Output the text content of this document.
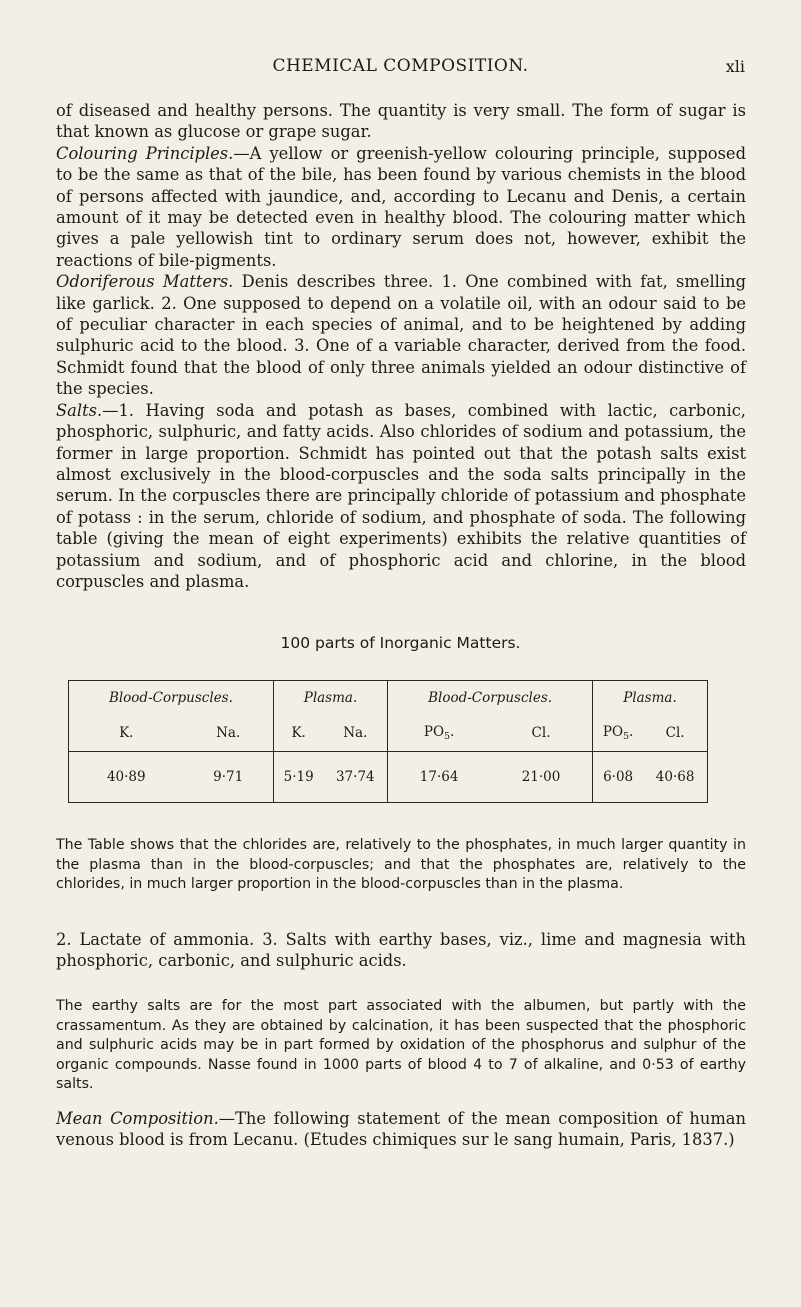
CHEMICAL COMPOSITION.	xli

of diseased and healthy persons. The quantity is very small. The form of sugar is that known as glucose or grape sugar.

Colouring Principles.—A yellow or greenish-yellow colouring principle, supposed to be the same as that of the bile, has been found by various chemists in the blood of persons affected with jaundice, and, according to Lecanu and Denis, a certain amount of it may be detected even in healthy blood. The colouring matter which gives a pale yellowish tint to ordinary serum does not, however, exhibit the reactions of bile-pigments.

Odoriferous Matters. Denis describes three. 1. One combined with fat, smelling like garlick. 2. One supposed to depend on a volatile oil, with an odour said to be of peculiar character in each species of animal, and to be heightened by adding sulphuric acid to the blood. 3. One of a variable character, derived from the food. Schmidt found that the blood of only three animals yielded an odour distinctive of the species.

Salts.—1. Having soda and potash as bases, combined with lactic, carbonic, phosphoric, sulphuric, and fatty acids. Also chlorides of sodium and potassium, the former in large proportion. Schmidt has pointed out that the potash salts exist almost exclusively in the blood-corpuscles and the soda salts principally in the serum. In the corpuscles there are principally chloride of potassium and phosphate of potass : in the serum, chloride of sodium, and phosphate of soda. The following table (giving the mean of eight experiments) exhibits the relative quantities of potassium and sodium, and of phosphoric acid and chlorine, in the blood corpuscles and plasma.

100 parts of Inorganic Matters.
Blood-Corpuscles.		Plasma.		Blood-Corpuscles.		Plasma.	
K.	Na.	K.	Na.	$PO_5$.	Cl.	$PO_5$.	Cl.
40·89	9·71	5·19	37·74	17·64	21·00	6·08	40·68

The Table shows that the chlorides are, relatively to the phosphates, in much larger quantity in the plasma than in the blood-corpuscles; and that the phosphates are, relatively to the chlorides, in much larger proportion in the blood-corpuscles than in the plasma.

2. Lactate of ammonia. 3. Salts with earthy bases, viz., lime and magnesia with phosphoric, carbonic, and sulphuric acids.

The earthy salts are for the most part associated with the albumen, but partly with the crassamentum. As they are obtained by calcination, it has been suspected that the phosphoric and sulphuric acids may be in part formed by oxidation of the phosphorus and sulphur of the organic compounds. Nasse found in 1000 parts of blood 4 to 7 of alkaline, and 0·53 of earthy salts.

Mean Composition.—The following statement of the mean composition of human venous blood is from Lecanu. (Etudes chimiques sur le sang humain, Paris, 1837.)
